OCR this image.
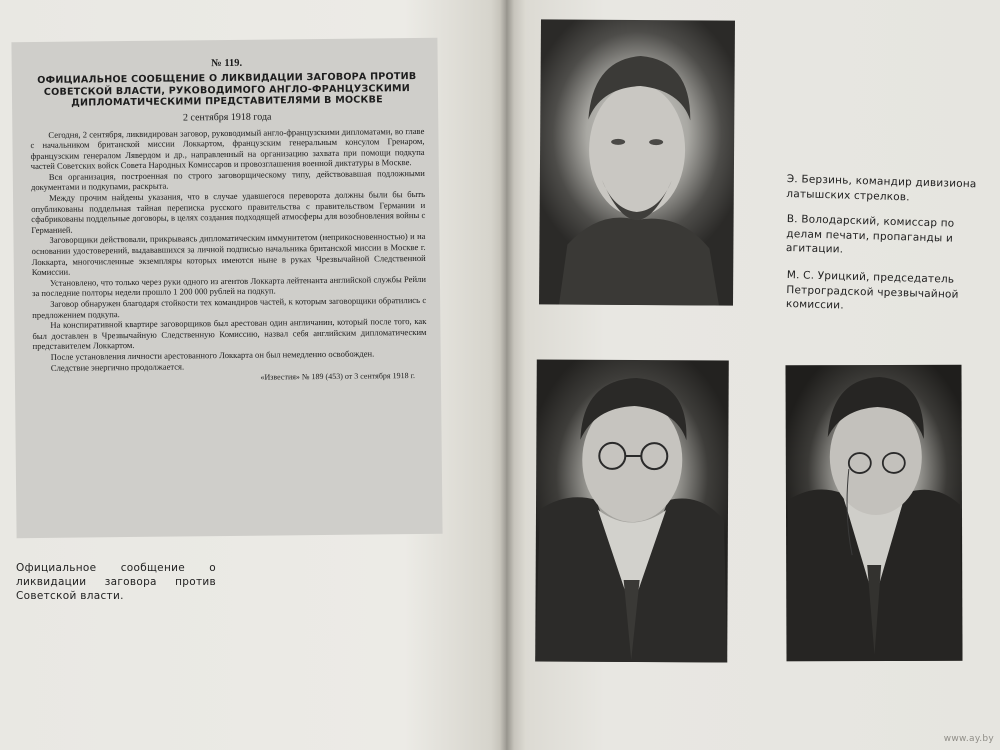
№ 119.
ОФИЦИАЛЬНОЕ СООБЩЕНИЕ О ЛИКВИДАЦИИ ЗАГОВОРА ПРОТИВ СОВЕТСКОЙ ВЛАСТИ, РУКОВОДИМОГО АНГЛО-ФРАНЦУЗСКИМИ ДИПЛОМАТИЧЕСКИМИ ПРЕДСТАВИТЕЛЯМИ В МОСКВЕ
2 сентября 1918 года

Сегодня, 2 сентября, ликвидирован заговор, руководимый англо-французскими дипломатами, во главе с начальником британской миссии Локкартом, французским генеральным консулом Гренаром, французским генералом Лявердом и др., направленный на организацию захвата при помощи подкупа частей Советских войск Совета Народных Комиссаров и провозглашения военной диктатуры в Москве.

Вся организация, построенная по строго заговорщическому типу, действовавшая подложными документами и подкупами, раскрыта.

Между прочим найдены указания, что в случае удавшегося переворота должны были бы быть опубликованы поддельная тайная переписка русского правительства с правительством Германии и сфабрикованы поддельные договоры, в целях создания подходящей атмосферы для возобновления войны с Германией.

Заговорщики действовали, прикрываясь дипломатическим иммунитетом (неприкосновенностью) и на основании удостоверений, выдававшихся за личной подписью начальника британской миссии в Москве г. Локкарта, многочисленные экземпляры которых имеются ныне в руках Чрезвычайной Следственной Комиссии.

Установлено, что только через руки одного из агентов Локкарта лейтенанта английской службы Рейли за последние полторы недели прошло 1 200 000 рублей на подкуп.

Заговор обнаружен благодаря стойкости тех командиров частей, к которым заговорщики обратились с предложением подкупа.

На конспиративной квартире заговорщиков был арестован один англичанин, который после того, как был доставлен в Чрезвычайную Следственную Комиссию, назвал себя английским дипломатическим представителем Локкартом.

После установления личности арестованного Локкарта он был немедленно освобожден.

Следствие энергично продолжается.

«Известия» № 189 (453) от 3 сентября 1918 г.
Официальное сообщение о ликвидации заговора против Советской власти.
Э. Берзинь, командир дивизиона латышских стрелков.
В. Володарский, комиссар по делам печати, пропаганды и агитации.
М. С. Урицкий, председатель Петроградской чрезвычайной комиссии.
www.ay.by
